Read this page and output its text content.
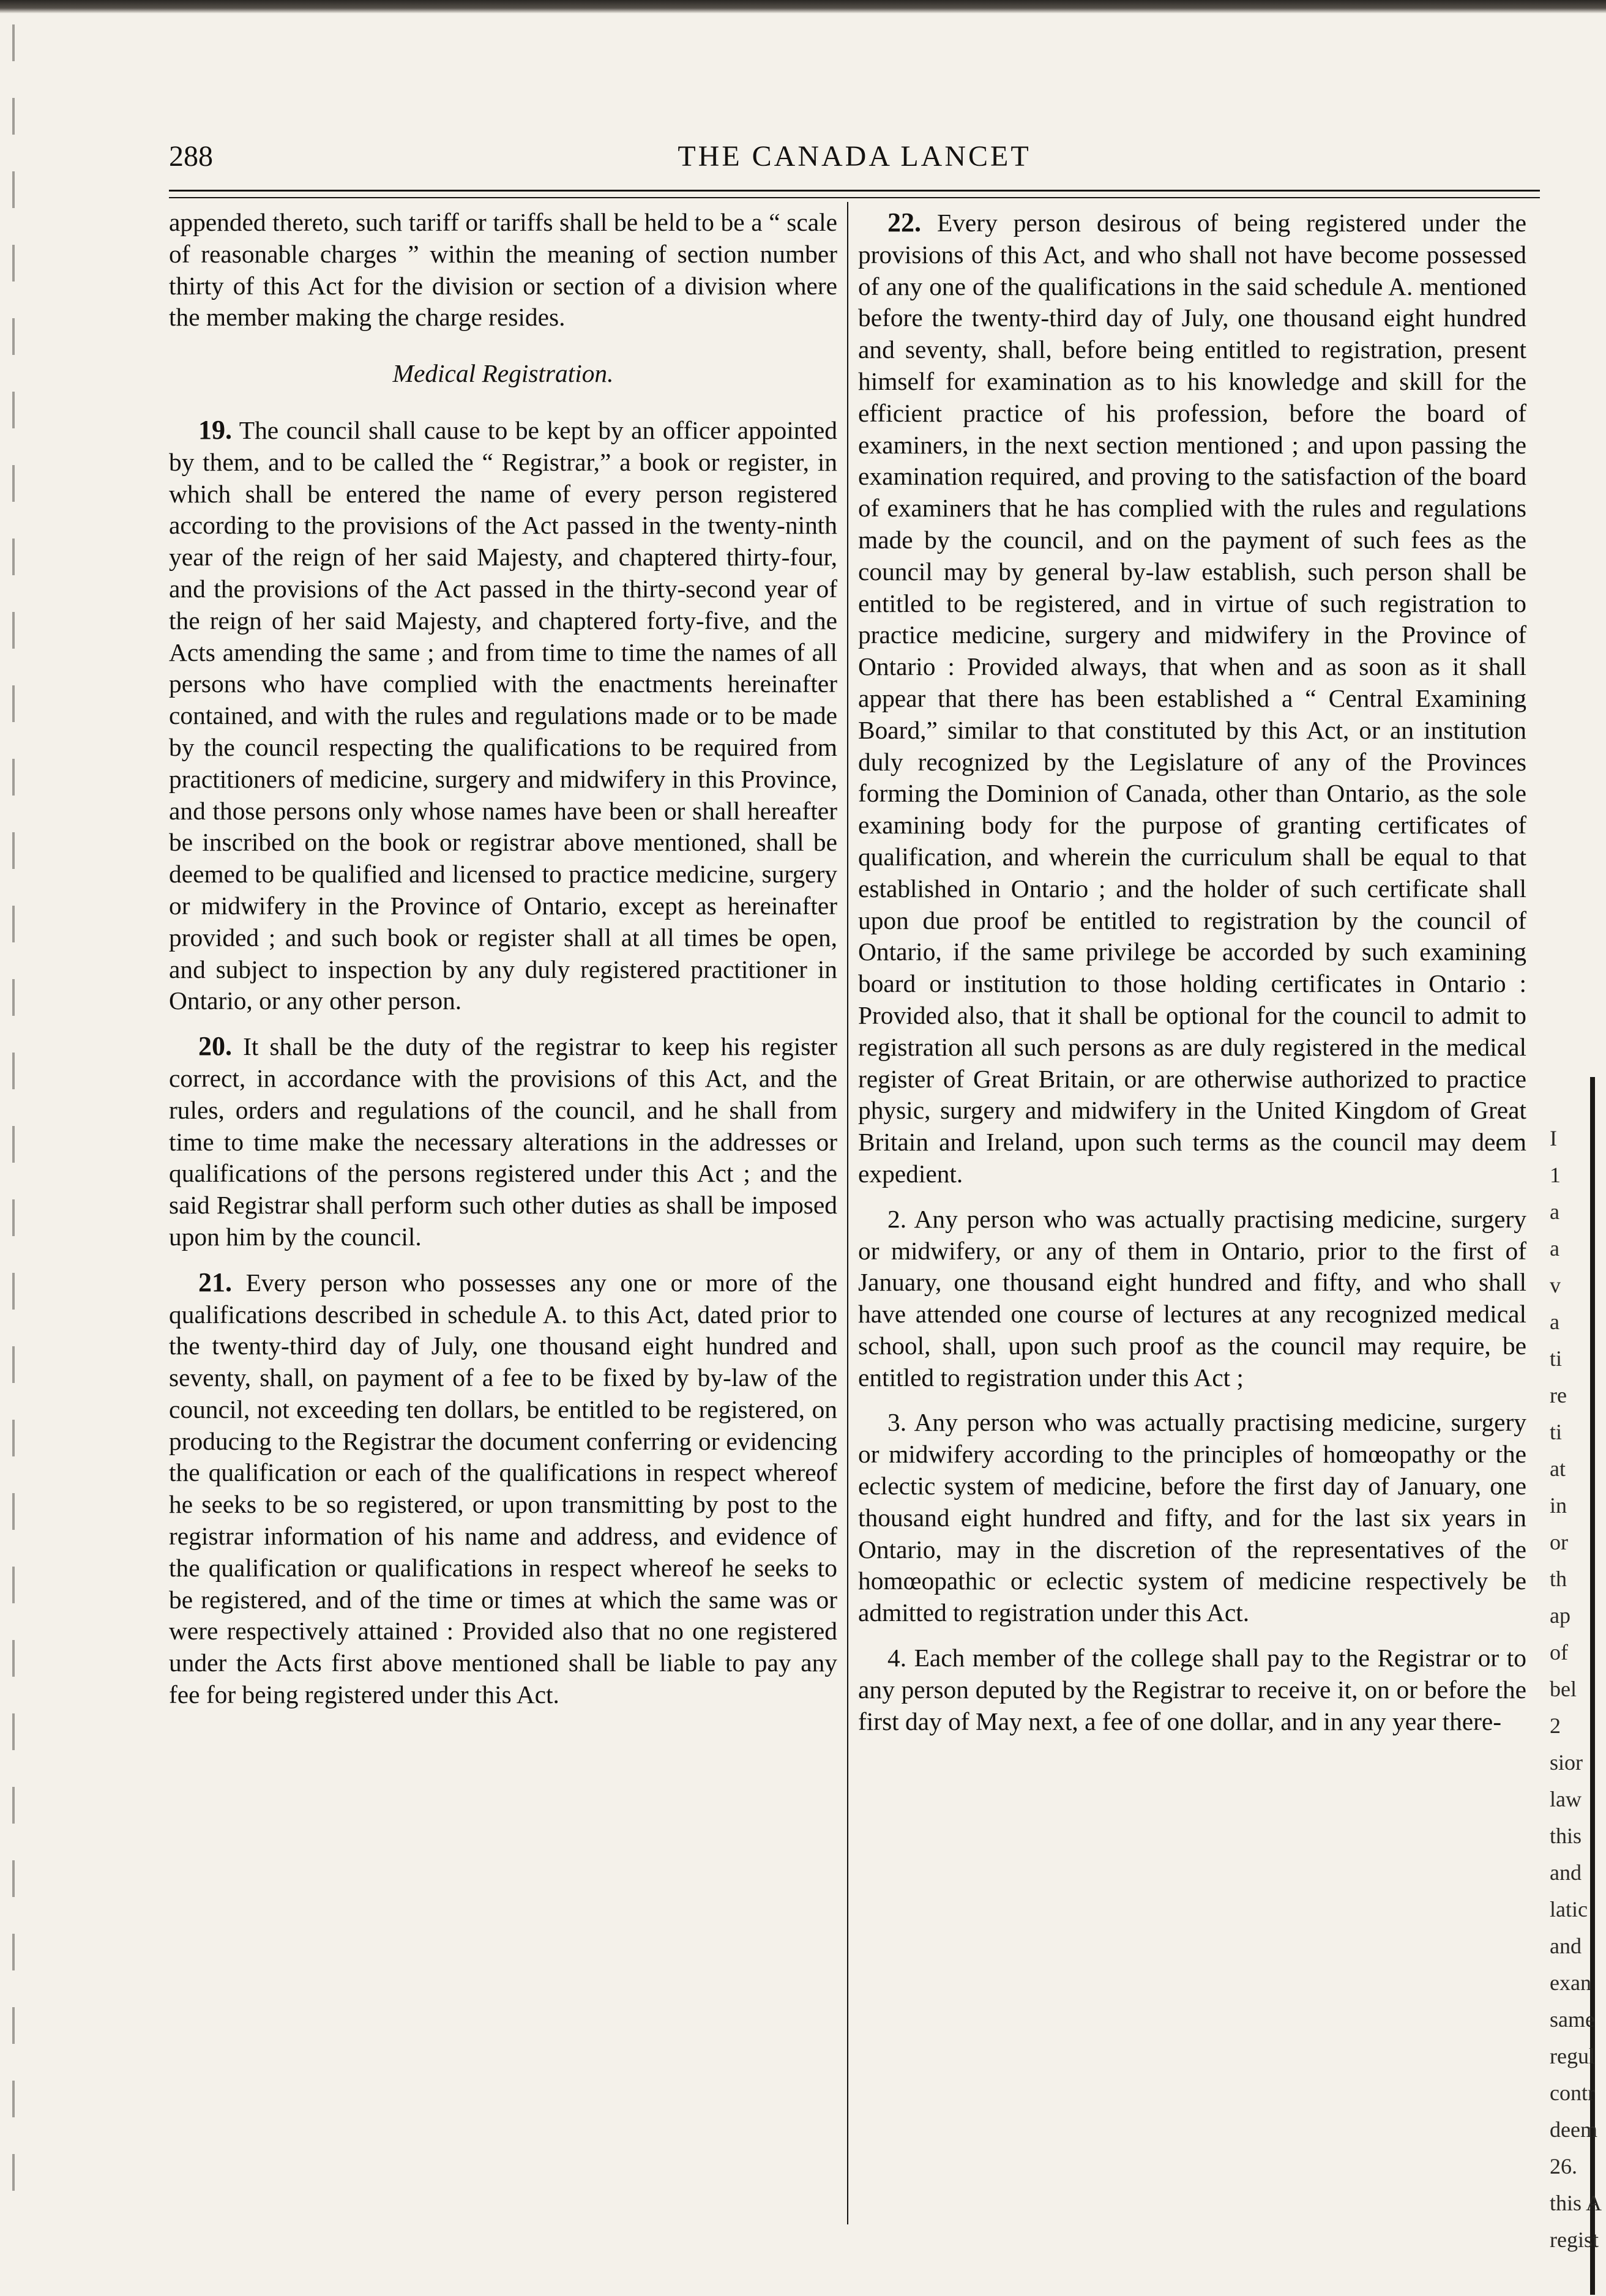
288	THE CANADA LANCET

appended thereto, such tariff or tariffs shall be held to be a “ scale of reasonable charges ” within the meaning of section number thirty of this Act for the division or section of a division where the member making the charge resides.

Medical Registration.

19. The council shall cause to be kept by an officer appointed by them, and to be called the “ Registrar,” a book or register, in which shall be entered the name of every person registered according to the provisions of the Act passed in the twenty-ninth year of the reign of her said Majesty, and chaptered thirty-four, and the provisions of the Act passed in the thirty-second year of the reign of her said Majesty, and chaptered forty-five, and the Acts amending the same ; and from time to time the names of all persons who have complied with the enactments hereinafter contained, and with the rules and regulations made or to be made by the council respecting the qualifications to be required from practitioners of medicine, surgery and midwifery in this Province, and those persons only whose names have been or shall hereafter be inscribed on the book or registrar above mentioned, shall be deemed to be qualified and licensed to practice medicine, surgery or midwifery in the Province of Ontario, except as hereinafter provided ; and such book or register shall at all times be open, and subject to inspection by any duly registered practitioner in Ontario, or any other person.

20. It shall be the duty of the registrar to keep his register correct, in accordance with the provisions of this Act, and the rules, orders and regulations of the council, and he shall from time to time make the necessary alterations in the addresses or qualifications of the persons registered under this Act ; and the said Registrar shall perform such other duties as shall be imposed upon him by the council.

21. Every person who possesses any one or more of the qualifications described in schedule A. to this Act, dated prior to the twenty-third day of July, one thousand eight hundred and seventy, shall, on payment of a fee to be fixed by by-law of the council, not exceeding ten dollars, be entitled to be registered, on producing to the Registrar the document conferring or evidencing the qualification or each of the qualifications in respect whereof he seeks to be so registered, or upon transmitting by post to the registrar information of his name and address, and evidence of the qualification or qualifications in respect whereof he seeks to be registered, and of the time or times at which the same was or were respectively attained : Provided also that no one registered under the Acts first above mentioned shall be liable to pay any fee for being registered under this Act.

22. Every person desirous of being registered under the provisions of this Act, and who shall not have become possessed of any one of the qualifications in the said schedule A. mentioned before the twenty-third day of July, one thousand eight hundred and seventy, shall, before being entitled to registration, present himself for examination as to his knowledge and skill for the efficient practice of his profession, before the board of examiners, in the next section mentioned ; and upon passing the examination required, and proving to the satisfaction of the board of examiners that he has complied with the rules and regulations made by the council, and on the payment of such fees as the council may by general by-law establish, such person shall be entitled to be registered, and in virtue of such registration to practice medicine, surgery and midwifery in the Province of Ontario : Provided always, that when and as soon as it shall appear that there has been established a “ Central Examining Board,” similar to that constituted by this Act, or an institution duly recognized by the Legislature of any of the Provinces forming the Dominion of Canada, other than Ontario, as the sole examining body for the purpose of granting certificates of qualification, and wherein the curriculum shall be equal to that established in Ontario ; and the holder of such certificate shall upon due proof be entitled to registration by the council of Ontario, if the same privilege be accorded by such examining board or institution to those holding certificates in Ontario : Provided also, that it shall be optional for the council to admit to registration all such persons as are duly registered in the medical register of Great Britain, or are otherwise authorized to practice physic, surgery and midwifery in the United Kingdom of Great Britain and Ireland, upon such terms as the council may deem expedient.

2. Any person who was actually practising medicine, surgery or midwifery, or any of them in Ontario, prior to the first of January, one thousand eight hundred and fifty, and who shall have attended one course of lectures at any recognized medical school, shall, upon such proof as the council may require, be entitled to registration under this Act ;

3. Any person who was actually practising medicine, surgery or midwifery according to the principles of homœopathy or the eclectic system of medicine, before the first day of January, one thousand eight hundred and fifty, and for the last six years in Ontario, may in the discretion of the representatives of the homœopathic or eclectic system of medicine respectively be admitted to registration under this Act.

4. Each member of the college shall pay to the Registrar or to any person deputed by the Registrar to receive it, on or before the first day of May next, a fee of one dollar, and in any year there-

I
1
a
a
v
a
ti
re
ti
at
in
or
th
ap
of
bel
2
sior
law
this
and
latic
and
exan
same
regul
contr
deem
26.
this A
regist
